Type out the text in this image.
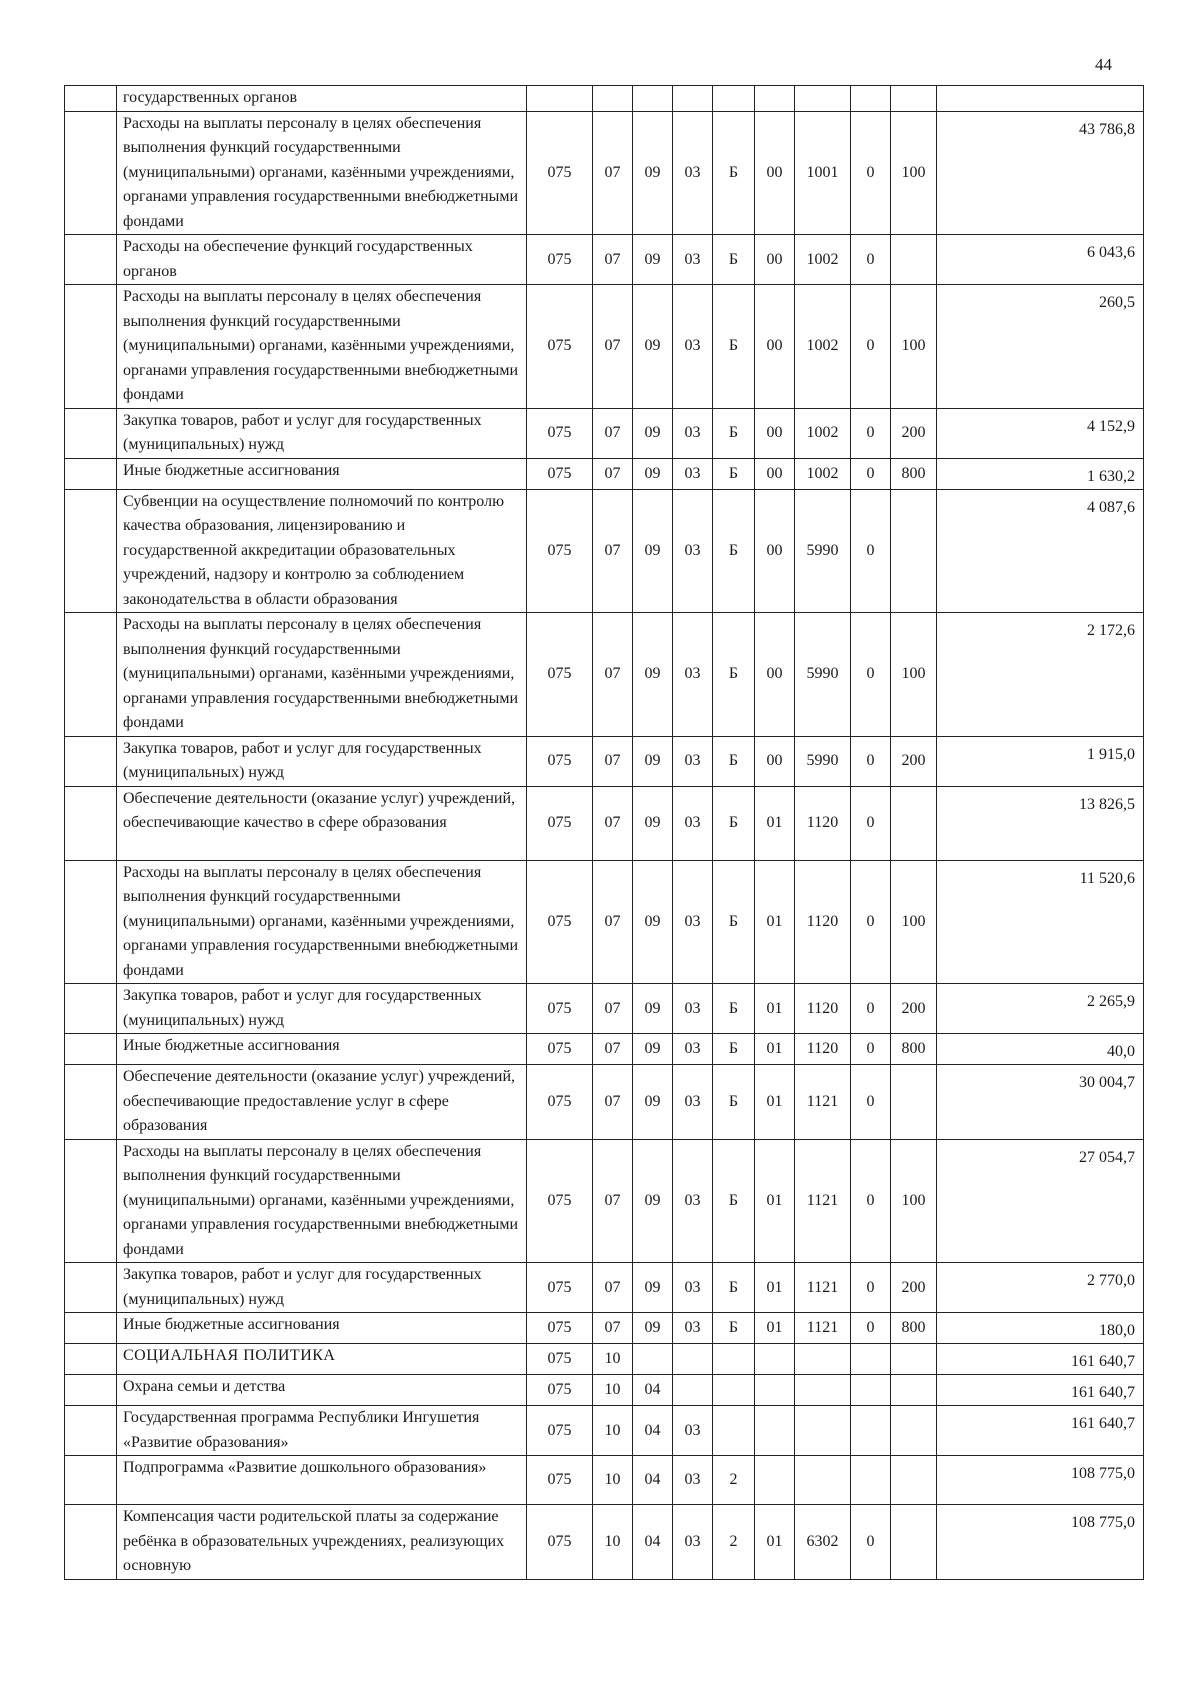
44
	государственных органов										
	Расходы на выплаты персоналу в целях обеспечения выполнения функций государственными (муниципальными) органами, казёнными учреждениями, органами управления государственными внебюджетными фондами	075	07	09	03	Б	00	1001	0	100	43 786,8
	Расходы на обеспечение функций государственных органов	075	07	09	03	Б	00	1002	0		6 043,6
	Расходы на выплаты персоналу в целях обеспечения выполнения функций государственными (муниципальными) органами, казёнными учреждениями, органами управления государственными внебюджетными фондами	075	07	09	03	Б	00	1002	0	100	260,5
	Закупка товаров, работ и услуг для государственных (муниципальных) нужд	075	07	09	03	Б	00	1002	0	200	4 152,9
	Иные бюджетные ассигнования	075	07	09	03	Б	00	1002	0	800	1 630,2
	Субвенции на осуществление полномочий по контролю качества образования, лицензированию и государственной аккредитации образовательных учреждений, надзору и контролю за соблюдением законодательства в области образования	075	07	09	03	Б	00	5990	0		4 087,6
	Расходы на выплаты персоналу в целях обеспечения выполнения функций государственными (муниципальными) органами, казёнными учреждениями, органами управления государственными внебюджетными фондами	075	07	09	03	Б	00	5990	0	100	2 172,6
	Закупка товаров, работ и услуг для государственных (муниципальных) нужд	075	07	09	03	Б	00	5990	0	200	1 915,0
	Обеспечение деятельности (оказание услуг) учреждений, обеспечивающие качество в сфере образования	075	07	09	03	Б	01	1120	0		13 826,5
	Расходы на выплаты персоналу в целях обеспечения выполнения функций государственными (муниципальными) органами, казёнными учреждениями, органами управления государственными внебюджетными фондами	075	07	09	03	Б	01	1120	0	100	11 520,6
	Закупка товаров, работ и услуг для государственных (муниципальных) нужд	075	07	09	03	Б	01	1120	0	200	2 265,9
	Иные бюджетные ассигнования	075	07	09	03	Б	01	1120	0	800	40,0
	Обеспечение деятельности (оказание услуг) учреждений, обеспечивающие предоставление услуг в сфере образования	075	07	09	03	Б	01	1121	0		30 004,7
	Расходы на выплаты персоналу в целях обеспечения выполнения функций государственными (муниципальными) органами, казёнными учреждениями, органами управления государственными внебюджетными фондами	075	07	09	03	Б	01	1121	0	100	27 054,7
	Закупка товаров, работ и услуг для государственных (муниципальных) нужд	075	07	09	03	Б	01	1121	0	200	2 770,0
	Иные бюджетные ассигнования	075	07	09	03	Б	01	1121	0	800	180,0
	СОЦИАЛЬНАЯ ПОЛИТИКА	075	10								161 640,7
	Охрана семьи и детства	075	10	04							161 640,7
	Государственная программа Республики Ингушетия «Развитие образования»	075	10	04	03						161 640,7
	Подпрограмма «Развитие дошкольного образования»	075	10	04	03	2					108 775,0
	Компенсация части родительской платы за содержание ребёнка в образовательных учреждениях, реализующих основную	075	10	04	03	2	01	6302	0		108 775,0
